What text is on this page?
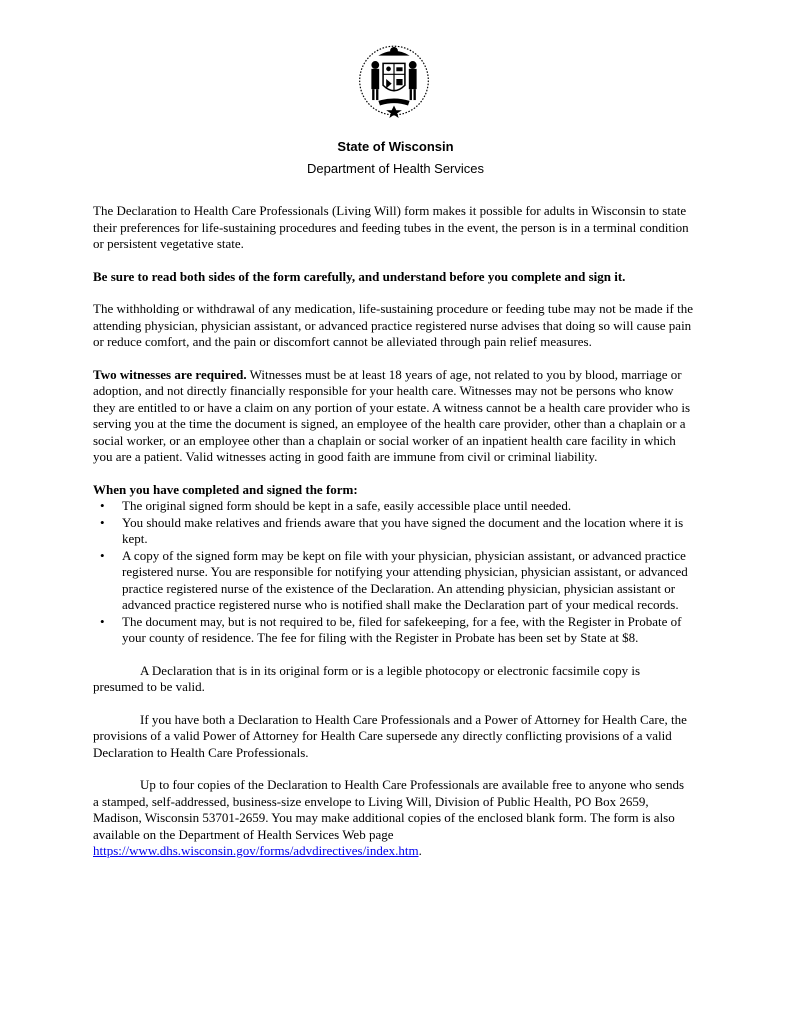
State of Wisconsin
Department of Health Services

The Declaration to Health Care Professionals (Living Will) form makes it possible for adults in Wisconsin to state their preferences for life-sustaining procedures and feeding tubes in the event, the person is in a terminal condition or persistent vegetative state.

Be sure to read both sides of the form carefully, and understand before you complete and sign it.

The withholding or withdrawal of any medication, life-sustaining procedure or feeding tube may not be made if the attending physician, physician assistant, or advanced practice registered nurse advises that doing so will cause pain or reduce comfort, and the pain or discomfort cannot be alleviated through pain relief measures.

Two witnesses are required. Witnesses must be at least 18 years of age, not related to you by blood, marriage or adoption, and not directly financially responsible for your health care. Witnesses may not be persons who know they are entitled to or have a claim on any portion of your estate. A witness cannot be a health care provider who is serving you at the time the document is signed, an employee of the health care provider, other than a chaplain or a social worker, or an employee other than a chaplain or social worker of an inpatient health care facility in which you are a patient. Valid witnesses acting in good faith are immune from civil or criminal liability.

When you have completed and signed the form:
• The original signed form should be kept in a safe, easily accessible place until needed.
• You should make relatives and friends aware that you have signed the document and the location where it is kept.
• A copy of the signed form may be kept on file with your physician, physician assistant, or advanced practice registered nurse. You are responsible for notifying your attending physician, physician assistant, or advanced practice registered nurse of the existence of the Declaration. An attending physician, physician assistant or advanced practice registered nurse who is notified shall make the Declaration part of your medical records.
• The document may, but is not required to be, filed for safekeeping, for a fee, with the Register in Probate of your county of residence. The fee for filing with the Register in Probate has been set by State at $8.

A Declaration that is in its original form or is a legible photocopy or electronic facsimile copy is presumed to be valid.

If you have both a Declaration to Health Care Professionals and a Power of Attorney for Health Care, the provisions of a valid Power of Attorney for Health Care supersede any directly conflicting provisions of a valid Declaration to Health Care Professionals.

Up to four copies of the Declaration to Health Care Professionals are available free to anyone who sends a stamped, self-addressed, business-size envelope to Living Will, Division of Public Health, PO Box 2659, Madison, Wisconsin 53701-2659. You may make additional copies of the enclosed blank form. The form is also available on the Department of Health Services Web page https://www.dhs.wisconsin.gov/forms/advdirectives/index.htm.
